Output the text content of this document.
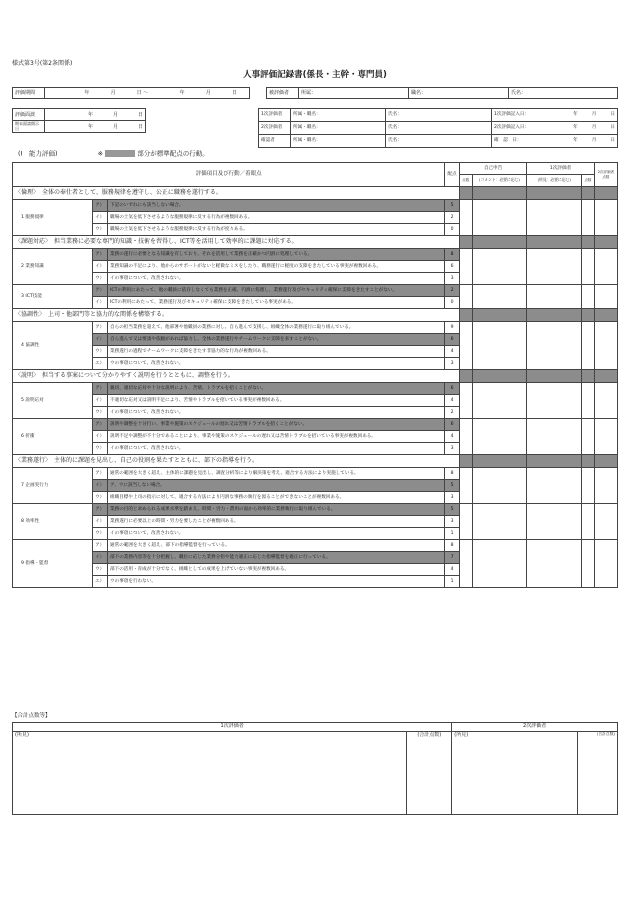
様式第3号(第2条関係)
人事評価記録書(係長・主幹・専門員)
評価期間	年	月	日 ～	年	月	日	被評価者	所属：	職名：	氏名：
評価面談	年 月 日
期末面談開示日	年 月 日
1次評価者	所属・職名：	氏名：	1次評価記入日： 年 月 日

2次評価者	所属・職名：	氏名：	2次評価記入日： 年 月 日

確認者	所属・職名：	氏名：	確　認　日： 年 月 日
(Ⅰ　能力評価)	※	部分が標準配点の行動。
評価項目及び行動／着眼点			配点	自己申告		1次評価者		2次評価者点数
				点数	(コメント：必要に応じ)	(所見：必要に応じ)	点数	
〈倫理〉　全体の奉仕者として、服務規律を遵守し、公正に職務を遂行する。								
1 服務規律	ア）	下記のいずれにも該当しない場合。	5					
	イ）	職場の士気を低下させるような服務規律に反する行為が複数回ある。	2					
	ウ）	職場の士気を低下させるような服務規律に反する行為が度々ある。	0					
〈課題対応〉　担当業務に必要な専門的知識・技術を習得し、ICT等を活用して効率的に課題に対応する。								
2 業務知識	ア）	業務の遂行に必要となる知識を有しており、それを活用して業務を正確かつ円滑に処理している。	8					
	イ）	業務知識の不足により、他からのサポートがないと軽微なミスをしたり、職務遂行に軽度の支障をきたしている事実が複数回ある。	6					
	ウ）	イの事項について、改善されない。	3					
3 ICT技能	ア）	ICTの利用にあたって、他の職員に依存しなくても業務を正確、円滑に処理し、業務遂行及びセキュリティ確保に支障をきたすことがない。	2					
	イ）	ICTの利用にあたって、業務遂行及びセキュリティ確保に支障をきたしている事実がある。	0					
〈協調性〉　上司・他部門等と協力的な関係を構築する。								
4 協調性	ア）	自らの担当業務を超えて、他部署や他職員の業務に対し、自ら進んで支援し、組織全体の業務遂行に取り組んでいる。	9					
	イ）	自ら進んで又は要請や依頼があれば協力し、全体の業務遂行やチームワークに支障を来すことがない。	6					
	ウ）	業務遂行の過程でチームワークに支障をきたす非協力的な行為が複数回ある。	4					
	エ）	ウの事項について、改善されない。	3					
〈説明〉　担当する事案について分かりやすく説明を行うとともに、調整を行う。								
5 説明応対	ア）	親切、適切な応対や十分な説明により、苦情、トラブルを招くことがない。	6					
	イ）	不適切な応対又は説明不足により、苦情やトラブルを招いている事実が複数回ある。	4					
	ウ）	イの事項について、改善されない。	2					
6 折衝	ア）	説明や調整を十分行い、事業や施策のスケジュールの遅れ又は苦情トラブルを招くことがない。	6					
	イ）	説明不足や調整が不十分であることにより、事業や施策のスケジュールの遅れ又は苦情トラブルを招いている事実が複数回ある。	4					
	ウ）	イの事項について、改善されない。	3					
〈業務遂行〉　主体的に課題を見出し、自己の役割を果たすとともに、部下の指導を行う。								
7 企画実行力	ア）	通常の範囲を大きく超え、主体的に課題を見出し、調査分析等により解決策を考え、適合する方法により実施している。	8					
	イ）	ア、ウに該当しない場合。	5					
	ウ）	組織目標や上司の指示に対して、適合する方法により円滑な事務の執行を図ることができないことが複数回ある。	3					
8 効率性	ア）	業務の目的と求められる成果水準を踏まえ、時間・労力・費用の面から効率的に業務執行に取り組んでいる。	5					
	イ）	業務遂行に必要以上の時間・労力を要したことが複数回ある。	3					
	ウ）	イの事項について、改善されない。	1					
9 指導・監督	ア）	通常の範囲を大きく超え、部下の指導監督を行っている。	8					
	イ）	部下の業務内容等を十分把握し、職位に応じた業務分担や能力適正に応じた指導監督を適正に行っている。	7					
	ウ）	部下の活用・育成が十分でなく、組織としての成果を上げていない事実が複数回ある。	4					
	エ）	ウの事項を行わない。	1					
【合計点数等】
1次評価者		2次評価者	
(所見)	(合計点数)	(所見)	(合計点数)
